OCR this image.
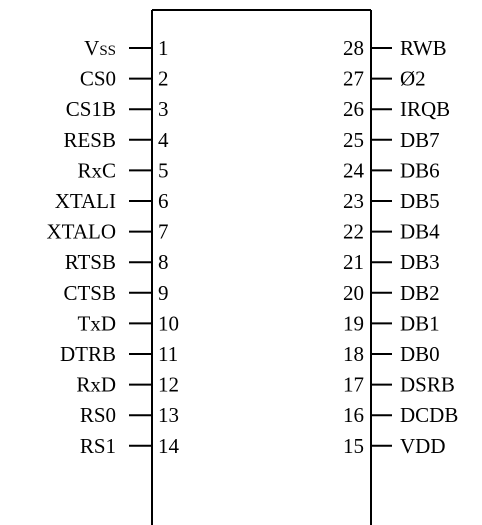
VSS 1
CS0 2
CS1B 3
RESB 4
RxC 5
XTALI 6
XTALO 7
RTSB 8
CTSB 9
TxD 10
DTRB 11
RxD 12
RS0 13
RS1 14
28 RWB
27 Ø2
26 IRQB
25 DB7
24 DB6
23 DB5
22 DB4
21 DB3
20 DB2
19 DB1
18 DB0
17 DSRB
16 DCDB
15 VDD
